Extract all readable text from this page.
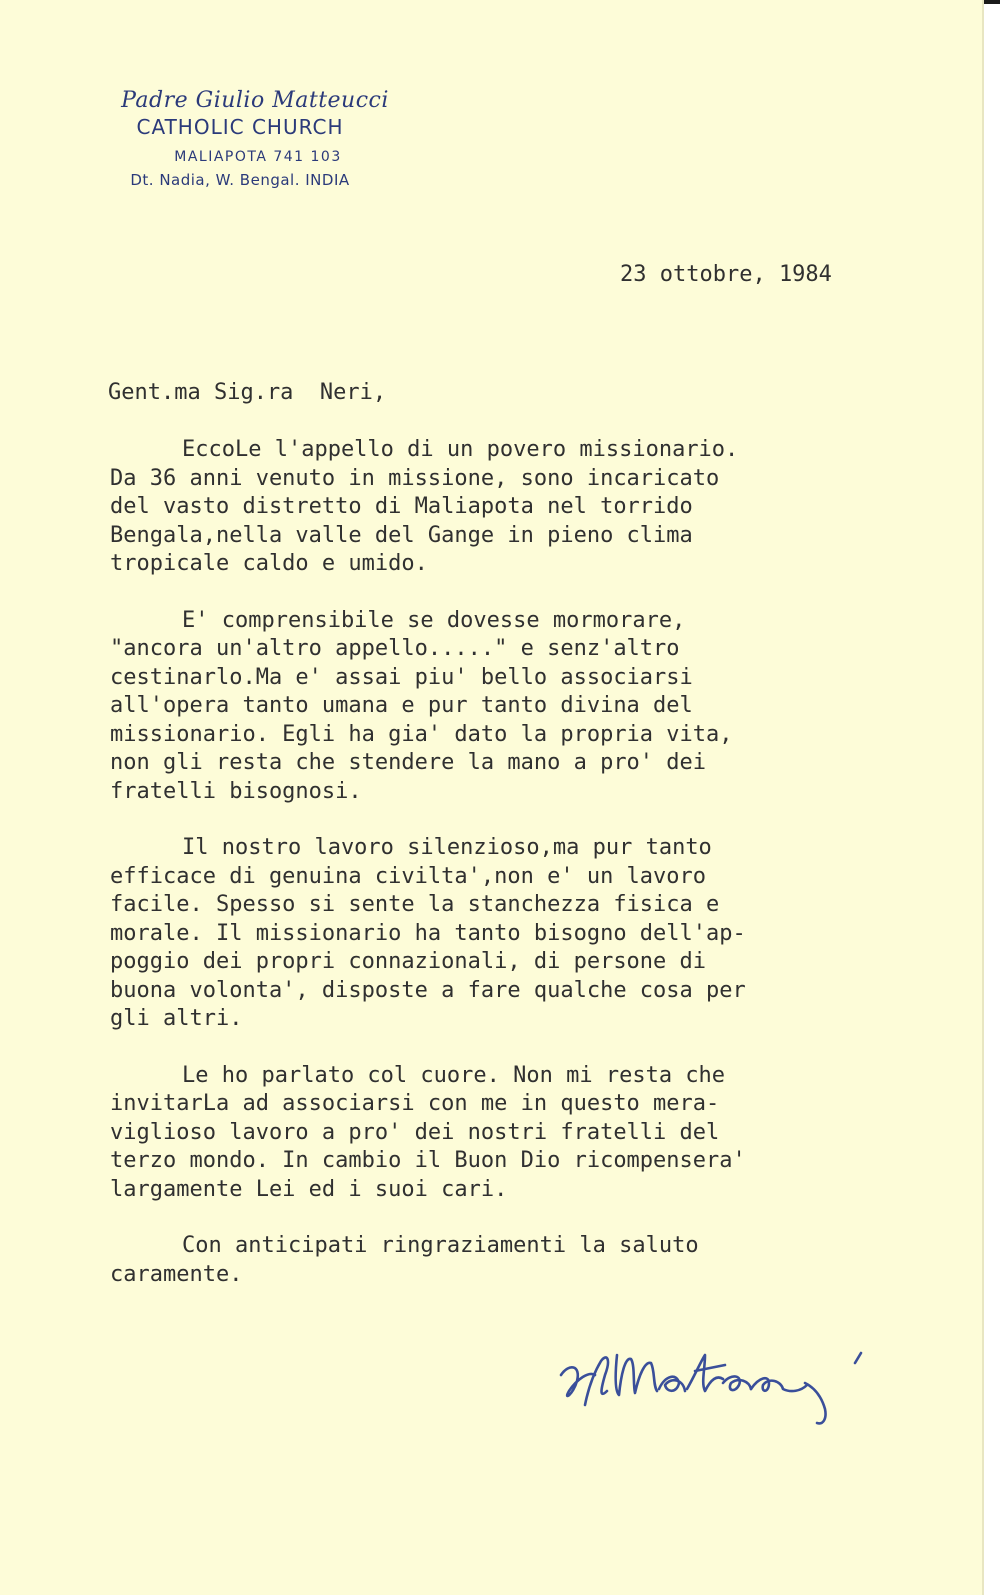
Padre Giulio Matteucci
CATHOLIC CHURCH
MALIAPOTA 741 103
Dt. Nadia, W. Bengal. INDIA
23 ottobre, 1984
Gent.ma Sig.ra  Neri,
EccoLe l'appello di un povero missionario.
Da 36 anni venuto in missione, sono incaricato
del vasto distretto di Maliapota nel torrido
Bengala,nella valle del Gange in pieno clima
tropicale caldo e umido.
E' comprensibile se dovesse mormorare,
"ancora un'altro appello....." e senz'altro
cestinarlo.Ma e' assai piu' bello associarsi
all'opera tanto umana e pur tanto divina del
missionario. Egli ha gia' dato la propria vita,
non gli resta che stendere la mano a pro' dei
fratelli bisognosi.
Il nostro lavoro silenzioso,ma pur tanto
efficace di genuina civilta',non e' un lavoro
facile. Spesso si sente la stanchezza fisica e
morale. Il missionario ha tanto bisogno dell'ap-
poggio dei propri connazionali, di persone di
buona volonta', disposte a fare qualche cosa per
gli altri.
Le ho parlato col cuore. Non mi resta che
invitarLa ad associarsi con me in questo mera-
viglioso lavoro a pro' dei nostri fratelli del
terzo mondo. In cambio il Buon Dio ricompensera'
largamente Lei ed i suoi cari.
Con anticipati ringraziamenti la saluto
caramente.
